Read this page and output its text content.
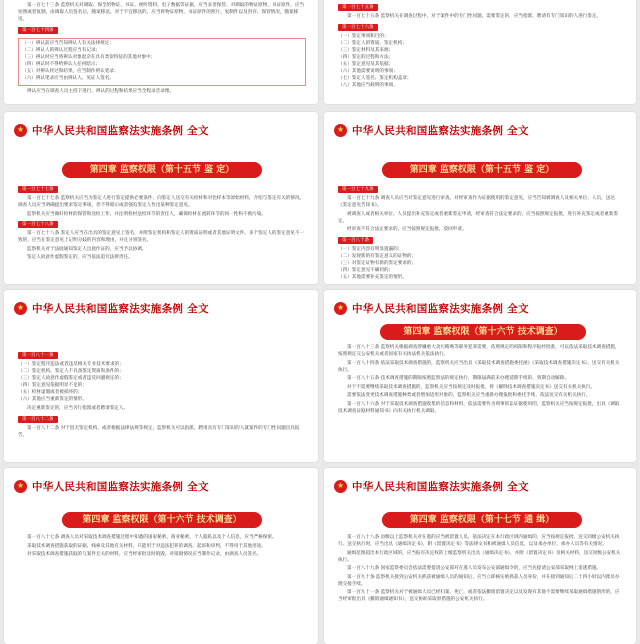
第一百七十三条 监察机关对调取、保全的物证、书证、视听资料、电子数据等证据，应当妥善保管。对调取的物证原物、书证原件，应当拍照或者复制，由调取人员签名后，随案移送。对于不宜移送的，应当将物证原物、书证原件的照片、复制件以及封存、保管情况，随案移送。

第一百七十四条
（一）辨认前应当告知辨认人有关法律规定；
（二）辨认人的辨认过程应当有记录；
（三）辨认时应当将辨认对象混杂在具有类似特征的其他对象中；
（四）辨认时不得给辨认人任何暗示；
（五）对辨认经过和结果，应当制作辨认笔录；
（六）辨认笔录应当由辨认人、见证人签名。

辨认应当在调查人员主持下进行，辨认的过程和结果应当全程录音录像。

第一百七十五条

第一百七十五条 监察机关在调查过程中，对于案件中的专门性问题，需要鉴定的，应当指派、聘请有专门知识的人进行鉴定。

第一百七十六条
（一）鉴定事项和目的；
（二）鉴定人的资质、鉴定机构；
（三）鉴定材料及其来源；
（四）鉴定的过程和方法；
（五）鉴定意见及其依据；
（六）其他需要说明的事项；
（七）鉴定人签名、鉴定机构盖章；
（八）其他应当载明的事项。
★ 中华人民共和国监察法实施条例 全文
第四章 监察权限（第十五节 鉴 定）
第一百七十七条

第一百七十七条 监察机关应当为鉴定人进行鉴定提供必要条件，向鉴定人送交有关检材和对比样本等原始材料，介绍与鉴定有关的情况。调查人员应当明确提出要求鉴定事项，但不得暗示或者强迫鉴定人作出某种鉴定意见。

监察机关应当做好检材的保管和送检工作，并注明检材送检环节的责任人，确保检材在流转环节的同一性和不被污染。

第一百七十八条

第一百七十八条 鉴定人应当在出具的鉴定意见上签名，并附鉴定机构和鉴定人的资质证明或者其他证明文件。多个鉴定人的鉴定意见不一致的，应当在鉴定意见上记明分歧的内容和理由，并且分别签名。

监察机关对于法庭通知鉴定人出庭作证的，应当予以协调。

鉴定人故意作虚假鉴定的，应当依法追究法律责任。

★ 中华人民共和国监察法实施条例 全文
第四章 监察权限（第十五节 鉴 定）
第一百七十九条

第一百七十九条 调查人员应当对鉴定意见进行审查。对经审查作为证据使用的鉴定意见，应当告知被调查人及相关单位、人员，送达《鉴定意见告知书》。

被调查人或者相关单位、人员提出补充鉴定或者重新鉴定申请，经审查符合法定要求的，应当按照规定报批，进行补充鉴定或者重新鉴定。

经审查不符合法定要求的，应当按照规定报批，驳回申请。

第一百八十条
（一）鉴定内容有明显遗漏的；
（二）发现新的有鉴定意义的证物的；
（三）对鉴定证物有新的鉴定要求的；
（四）鉴定意见不确切的；
（五）其他需要补充鉴定的情形。
★ 中华人民共和国监察法实施条例 全文
第一百八十一条
（一）鉴定程序违法或者违反相关专业技术要求的；
（二）鉴定机构、鉴定人不具备鉴定资质和条件的；
（三）鉴定人故意作虚假鉴定或者违反回避规定的；
（四）鉴定意见依据明显不足的；
（五）检材虚假或者被损坏的；
（六）其他应当重新鉴定的情形。

决定重新鉴定的，应当另行指派或者聘请鉴定人。

第一百八十二条

第一百八十二条 对于因无鉴定机构，或者根据法律法规等规定，监察机关可以指派、聘请具有专门知识的人就案件的专门性问题出具报告。

★ 中华人民共和国监察法实施条例 全文
第四章 监察权限（第十六节 技术调查）

第一百八十三条 监察机关根据调查涉嫌重大贪污贿赂等职务犯罪需要，依照规定的权限和程序报经批准，可以依法采取技术调查措施，按照规定交公安机关或者国家有关执法机关依法执行。

第一百八十四条 依法采取技术调查措施的，监察机关应当出具《采取技术调查措施委托函》《采取技术调查措施决定书》，送交有关机关执行。

第一百八十五条 技术调查措施的期限按照监察法的规定执行，期限届满前未办理延期手续的，到期自动解除。

对于不需要继续采取技术调查措施的，监察机关应当按规定及时报批，将《解除技术调查措施决定书》送交有关机关执行。

需要依法变更技术调查措施种类或者增加适用对象的，监察机关应当重新办理报批和委托手续，依法送交有关机关执行。

第一百八十六条 对于采取技术调查措施收集的信息和材料，依法需要作为刑事诉讼证据使用的，监察机关应当按规定报批，出具《调取技术调查证据材料通知书》向有关执行机关调取。

★ 中华人民共和国监察法实施条例 全文
第四章 监察权限（第十六节 技术调查）

第一百八十七条 调查人员对采取技术调查措施过程中知悉的国家秘密、商业秘密、个人隐私以及个人信息，应当严格保密。

采取技术调查措施获取的证据、线索及其他有关材料，只能用于对违法犯罪的调查、起诉和审判，不得用于其他用途。

对采取技术调查措施获取的与案件无关的材料，应当经审批及时销毁。对销毁情况应当制作记录，由调查人员签名。

★ 中华人民共和国监察法实施条例 全文
第四章 监察权限（第十七节 通 缉）

第一百八十八条 县级以上监察机关对在逃的应当被留置人员，依法决定在本行政区域内通缉的，应当按规定报批，送交同级公安机关执行。送交执行时，应当出具《通缉决定书》，附《留置决定书》等法律文书和被通缉人员信息，以及承办单位、承办人员等有关情况。

通缉范围超出本行政区域的，应当报有决定权的上级监察机关出具《通缉决定书》，并附《留置决定书》及相关材料，送交同级公安机关执行。

第一百八十九条 国家监察委员会依法需要提请公安部对在逃人员发布公安部通缉令的，应当先提请公安部采取网上追逃措施。

第一百九十条 监察机关接到公安机关抓获被通缉人员的通知后，应当立即核实被抓获人员身份，并在接到通知后二十四小时以内派员办理交接手续。

第一百九十一条 监察机关对于被通缉人员已经归案、死亡，或者依法撤销留置决定以及发现有其他不需要继续采取通缉措施情形的，应当经审批出具《撤销通缉通知书》，送交协助采取原措施的公安机关执行。
